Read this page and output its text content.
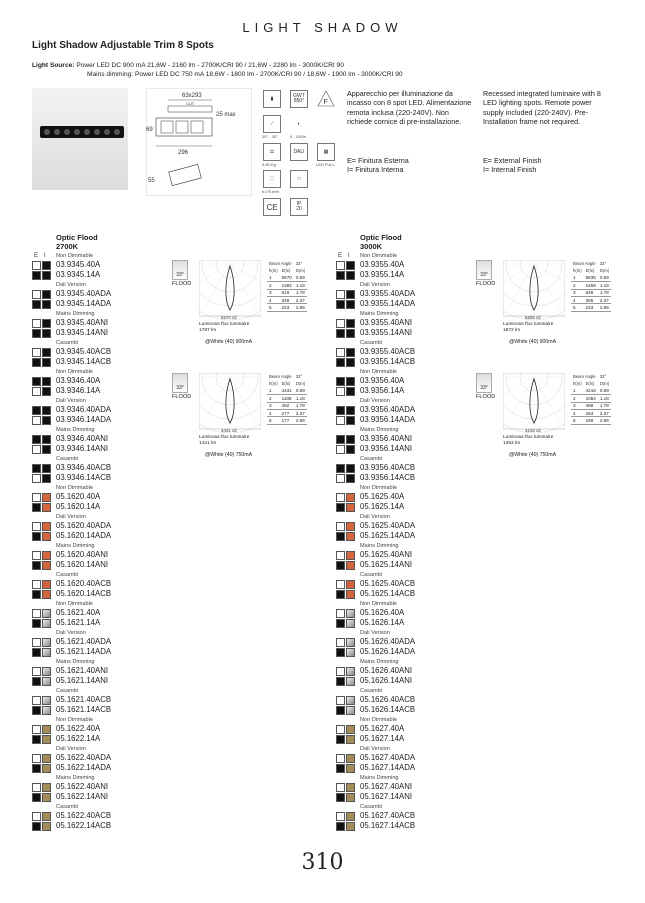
LIGHT SHADOW
Light Shadow Adjustable Trim 8 Spots
Light Source: Power LED DC 900 mA 21,6W - 2160 lm - 2700K/CRI 90 / 21,6W - 2280 lm - 3000K/CRI 90
Mains dimming: Power LED DC 750 mA 18,6W - 1800 lm - 2700K/CRI 90 / 18,6W - 1900 lm - 3000K/CRI 90
63x293
CUT
25 max
69
296
55
▮	GWT 850°	F
⟋	◐
20° 30°	0 - 100%
DALI
⚖
0,90 Kg
▦
LED FULL
⬚
h=75 mm
□
CE	IP
20
Apparecchio per illuminazione da incasso con 8 spot LED. Alimentazione remota inclusa (220-240V). Non richiede cornice di pre-installazione.
Recessed integrated luminaire with 8 LED lighting spots. Remote power supply included (220-240V). Pre-Installation frame not required.
E= Finitura Esterna
I= Finitura Interna
E= External Finish
I= Internal Finish
Optic Flood
2700K
E I Non Dimmable
03.9345.40A
03.9345.14A
Dali Version
03.9345.40ADA
03.9345.14ADA
Mains Dimming
03.9345.40ANI
03.9345.14ANI
Casambi
03.9345.40ACB
03.9345.14ACB
Non Dimmable
03.9346.40A
03.9346.14A
Dali Version
03.9346.40ADA
03.9346.14ADA
Mains Dimming
03.9346.40ANI
03.9346.14ANI
Casambi
03.9346.40ACB
03.9346.14ACB
Non Dimmable
05.1620.40A
05.1620.14A
Dali Version
05.1620.40ADA
05.1620.14ADA
Mains Dimming
05.1620.40ANI
05.1620.14ANI
Casambi
05.1620.40ACB
05.1620.14ACB
Non Dimmable
05.1621.40A
05.1621.14A
Dali Version
05.1621.40ADA
05.1621.14ADA
Mains Dimming
05.1621.40ANI
05.1621.14ANI
Casambi
05.1621.40ACB
05.1621.14ACB
Non Dimmable
05.1622.40A
05.1622.14A
Dali Version
05.1622.40ADA
05.1622.14ADA
Mains Dimming
05.1622.40ANI
05.1622.14ANI
Casambi
05.1622.40ACB
05.1622.14ACB
33°
FLOOD
5570 cd
Luminous flux luminaire
1787 lm
@White (40) 900mA
Beam Angle		33°
h(m)	E(lx)	D(m)
1	5570	0.59
2	1392	1.18
3	619	1.78
4	348	2.37
5	223	2.96
33°
FLOOD
4431 cd
Luminous flux luminaire
1421 lm
@White (40) 750mA
Beam Angle		33°
h(m)	E(lx)	D(m)
1	4431	0.59
2	1108	1.18
3	492	1.78
4	277	2.37
5	177	2.96
Optic Flood
3000K
E I Non Dimmable
03.9355.40A
03.9355.14A
Dali Version
03.9355.40ADA
03.9355.14ADA
Mains Dimming
03.9355.40ANI
03.9355.14ANI
Casambi
03.9355.40ACB
03.9355.14ACB
Non Dimmable
03.9356.40A
03.9356.14A
Dali Version
03.9356.40ADA
03.9356.14ADA
Mains Dimming
03.9356.40ANI
03.9356.14ANI
Casambi
03.9356.40ACB
03.9356.14ACB
Non Dimmable
05.1625.40A
05.1625.14A
Dali Version
05.1625.40ADA
05.1625.14ADA
Mains Dimming
05.1625.40ANI
05.1625.14ANI
Casambi
05.1625.40ACB
05.1625.14ACB
Non Dimmable
05.1626.40A
05.1626.14A
Dali Version
05.1626.40ADA
05.1626.14ADA
Mains Dimming
05.1626.40ANI
05.1626.14ANI
Casambi
05.1626.40ACB
05.1626.14ACB
Non Dimmable
05.1627.40A
05.1627.14A
Dali Version
05.1627.40ADA
05.1627.14ADA
Mains Dimming
05.1627.40ANI
05.1627.14ANI
Casambi
05.1627.40ACB
05.1627.14ACB
33°
FLOOD
5835 cd
Luminous flux luminaire
1872 lm
@White (40) 900mA
Beam Angle		33°
h(m)	E(lx)	D(m)
1	5835	0.59
2	1459	1.18
3	648	1.78
4	365	2.37
5	233	2.96
33°
FLOOD
4216 cd
Luminous flux luminaire
1353 lm
@White (40) 750mA
Beam Angle		33°
h(m)	E(lx)	D(m)
1	4216	0.59
2	1054	1.18
3	468	1.78
4	264	2.37
5	169	2.96
310
